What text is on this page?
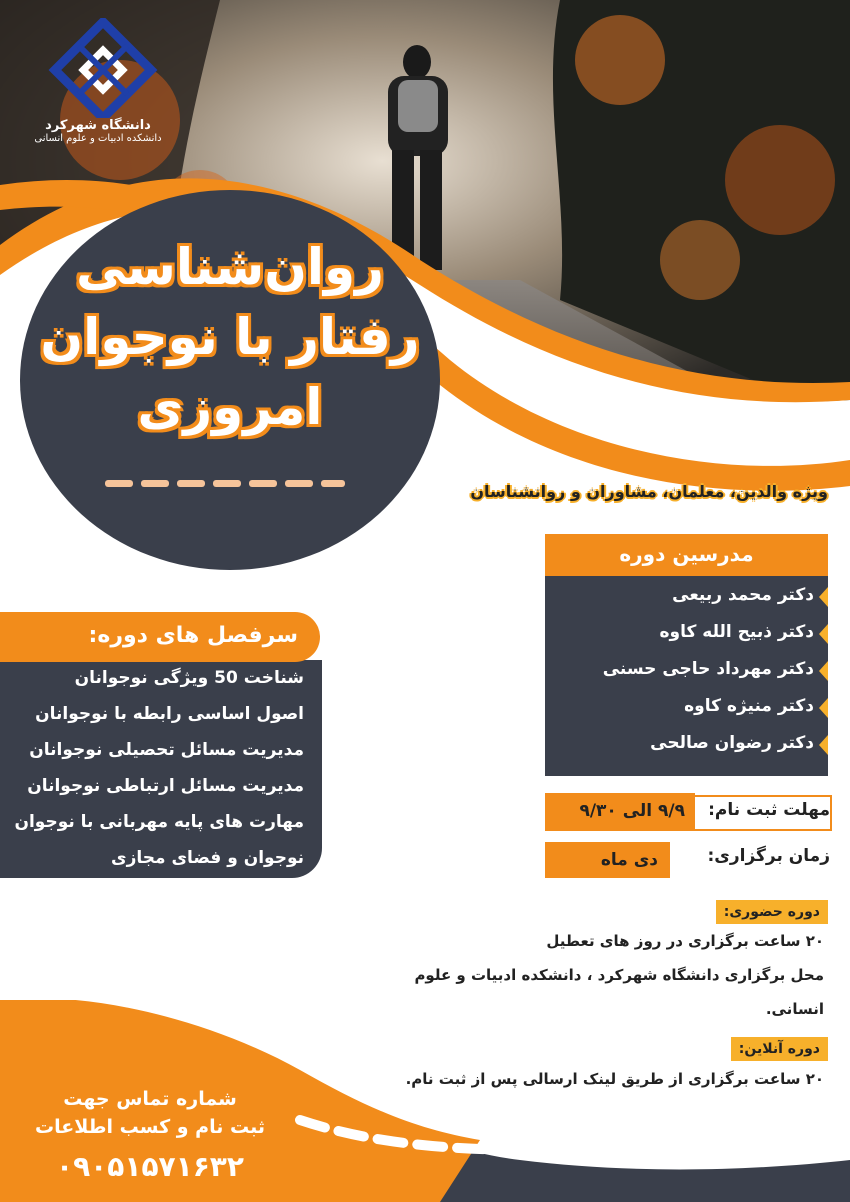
دانشگاه شهرکرد
دانشکده ادبیات و علوم انسانی
روان‌شناسی
رفتار با نوجوان
امروزی
ویژه والدین، معلمان، مشاوران و روانشناسان
مدرسین دوره
دکتر محمد ربیعی
دکتر ذبیح الله کاوه
دکتر مهرداد حاجی حسنی
دکتر منیژه کاوه
دکتر رضوان صالحی
شناخت 50 ویژگی نوجوانان
اصول اساسی رابطه با نوجوانان
مدیریت مسائل تحصیلی نوجوانان
مدیریت مسائل ارتباطی نوجوانان
مهارت های پایه مهربانی با نوجوان
نوجوان و فضای مجازی
سرفصل های دوره:
۹/۹ الی ۹/۳۰	مهلت ثبت نام:
دی ماه	زمان برگزاری:
دوره حضوری:
۲۰ ساعت برگزاری در روز های تعطیل
محل برگزاری دانشگاه شهرکرد ، دانشکده ادبیات و علوم
انسانی.
دوره آنلاین:
۲۰ ساعت برگزاری از طریق لینک ارسالی پس از ثبت نام.
شماره تماس جهت
ثبت نام و کسب اطلاعات
۰۹۰۵۱۵۷۱۶۳۲
